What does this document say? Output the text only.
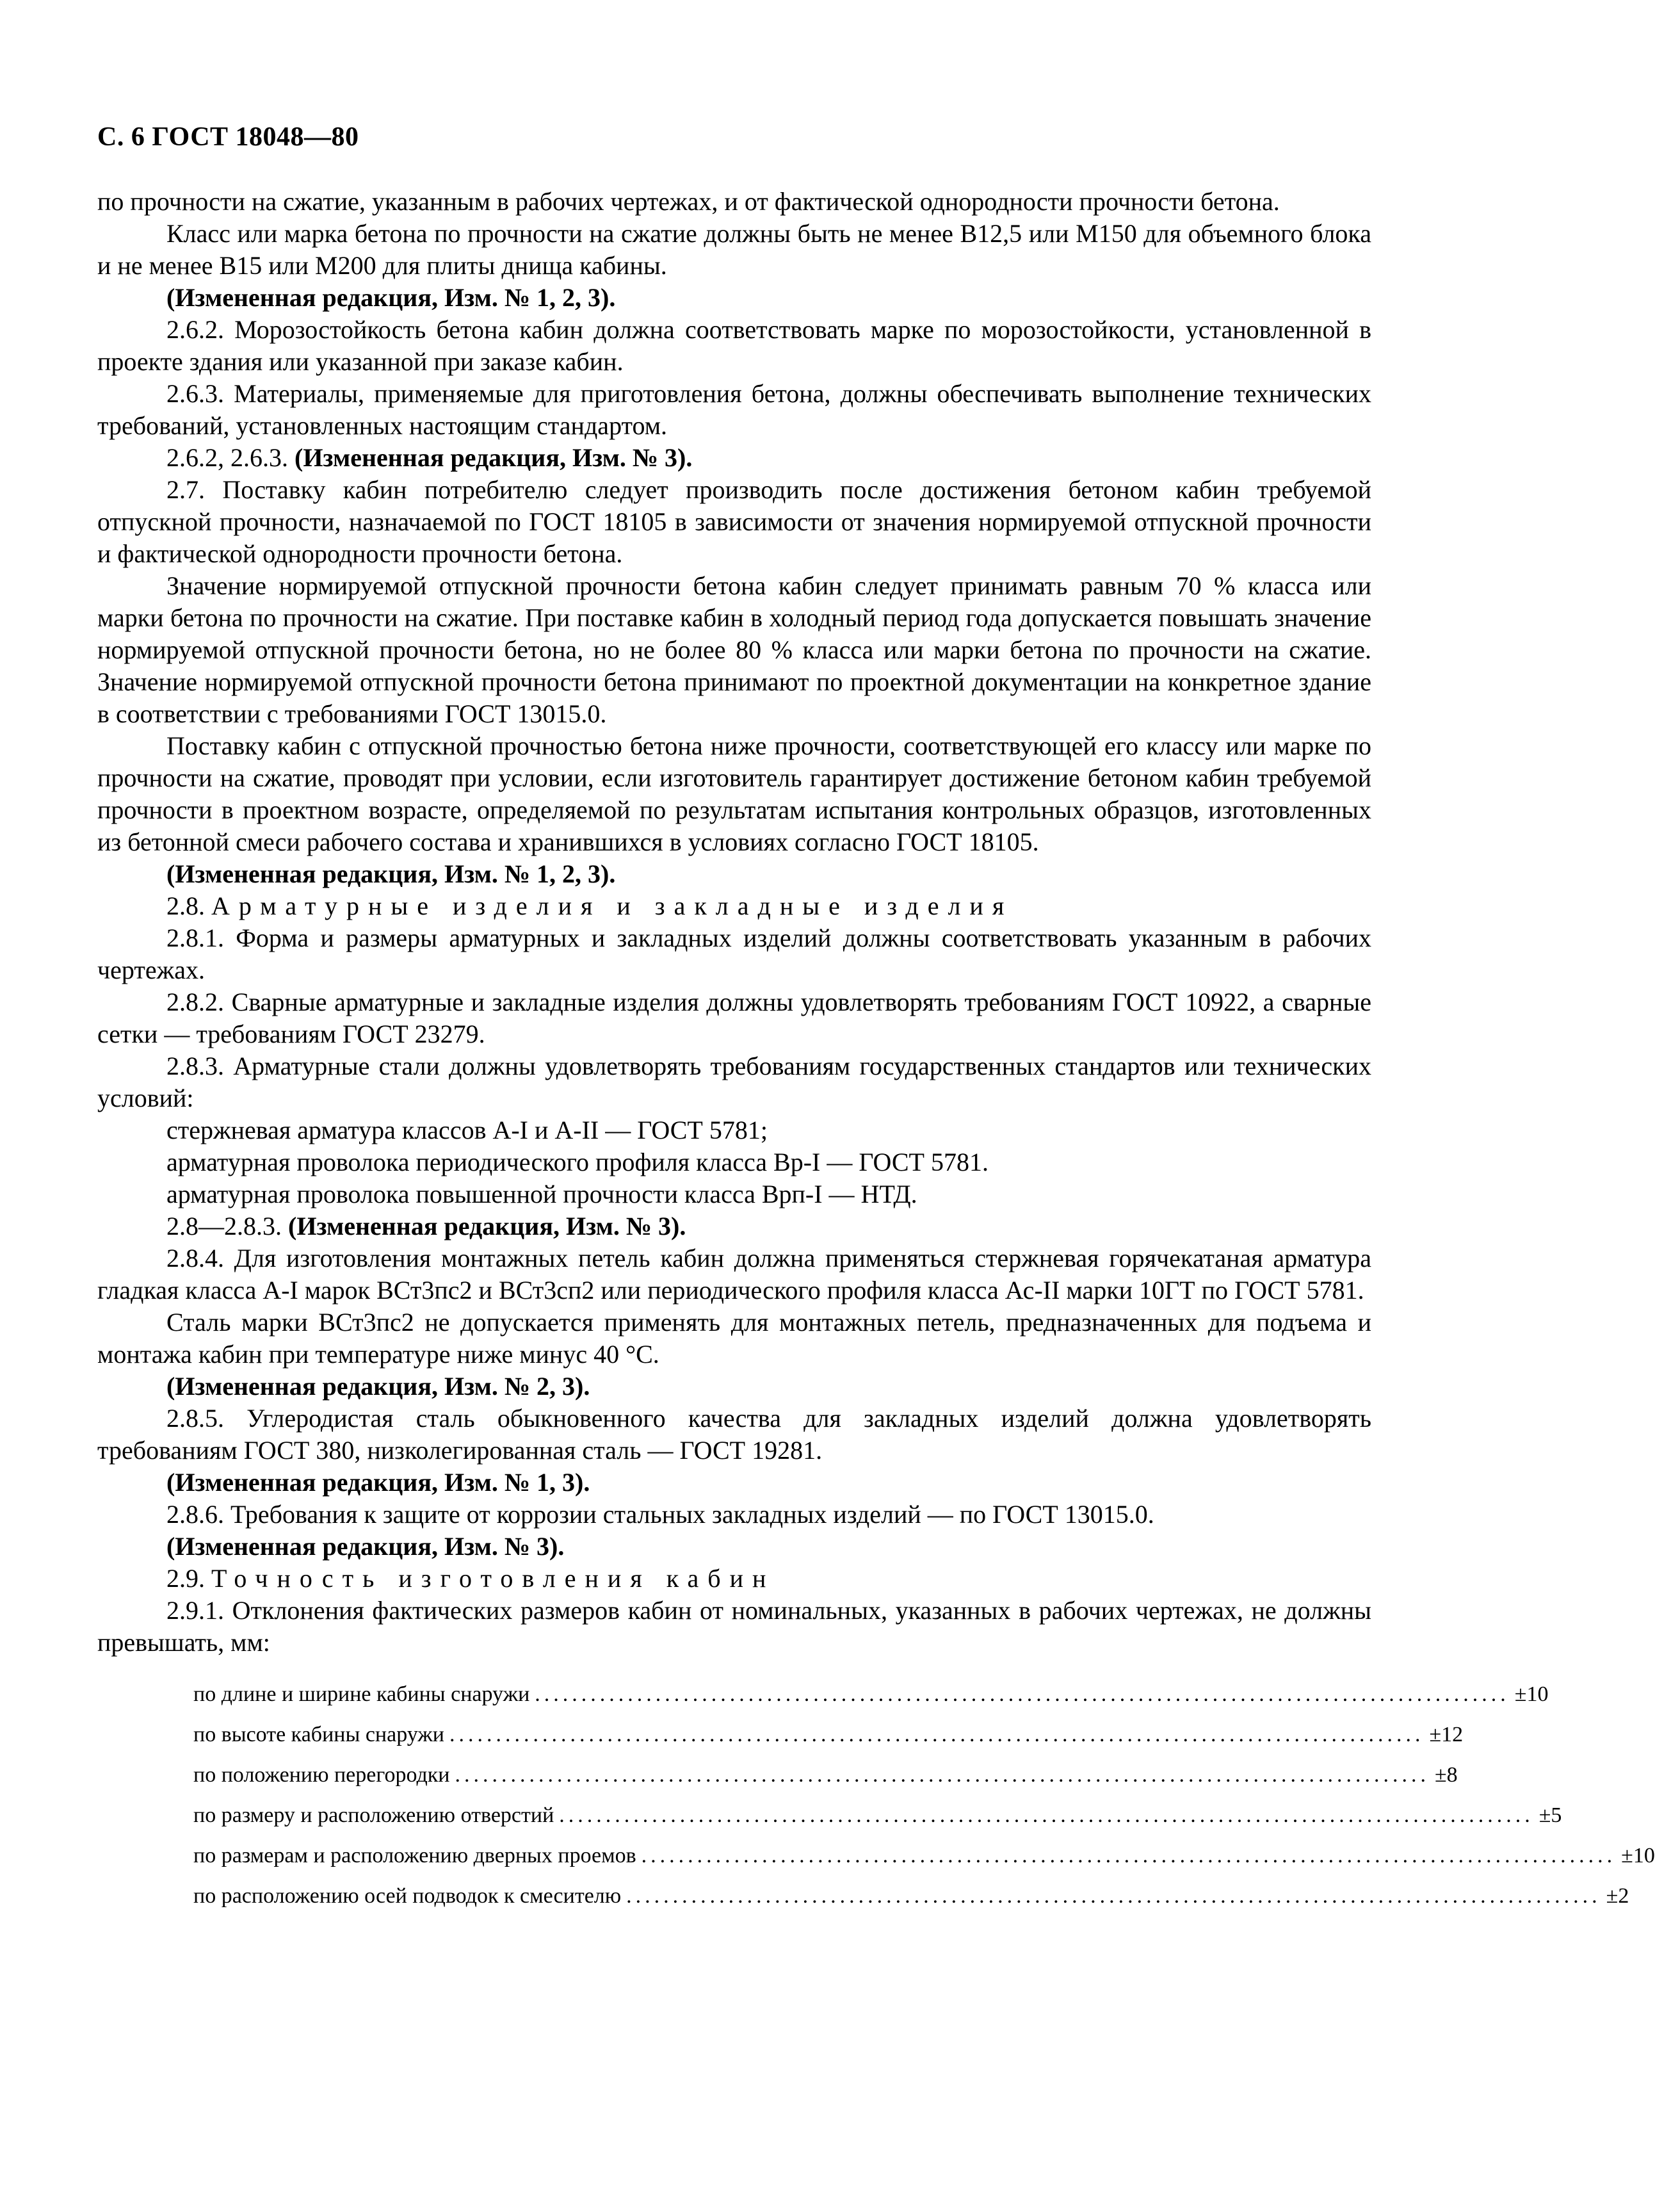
С. 6 ГОСТ 18048—80

по прочности на сжатие, указанным в рабочих чертежах, и от фактической однородности прочности бетона.

Класс или марка бетона по прочности на сжатие должны быть не менее В12,5 или М150 для объемного блока и не менее В15 или М200 для плиты днища кабины.

(Измененная редакция, Изм. № 1, 2, 3).

2.6.2. Морозостойкость бетона кабин должна соответствовать марке по морозостойкости, установленной в проекте здания или указанной при заказе кабин.

2.6.3. Материалы, применяемые для приготовления бетона, должны обеспечивать выполнение технических требований, установленных настоящим стандартом.

2.6.2, 2.6.3. (Измененная редакция, Изм. № 3).

2.7. Поставку кабин потребителю следует производить после достижения бетоном кабин требуемой отпускной прочности, назначаемой по ГОСТ 18105 в зависимости от значения нормируемой отпускной прочности и фактической однородности прочности бетона.

Значение нормируемой отпускной прочности бетона кабин следует принимать равным 70 % класса или марки бетона по прочности на сжатие. При поставке кабин в холодный период года допускается повышать значение нормируемой отпускной прочности бетона, но не более 80 % класса или марки бетона по прочности на сжатие. Значение нормируемой отпускной прочности бетона принимают по проектной документации на конкретное здание в соответствии с требованиями ГОСТ 13015.0.

Поставку кабин с отпускной прочностью бетона ниже прочности, соответствующей его классу или марке по прочности на сжатие, проводят при условии, если изготовитель гарантирует достижение бетоном кабин требуемой прочности в проектном возрасте, определяемой по результатам испытания контрольных образцов, изготовленных из бетонной смеси рабочего состава и хранившихся в условиях согласно ГОСТ 18105.

(Измененная редакция, Изм. № 1, 2, 3).

2.8. Арматурные изделия и закладные изделия

2.8.1. Форма и размеры арматурных и закладных изделий должны соответствовать указанным в рабочих чертежах.

2.8.2. Сварные арматурные и закладные изделия должны удовлетворять требованиям ГОСТ 10922, а сварные сетки — требованиям ГОСТ 23279.

2.8.3. Арматурные стали должны удовлетворять требованиям государственных стандартов или технических условий:

стержневая арматура классов А-I и А-II — ГОСТ 5781;

арматурная проволока периодического профиля класса Вр-I — ГОСТ 5781.

арматурная проволока повышенной прочности класса Врп-I — НТД.

2.8—2.8.3. (Измененная редакция, Изм. № 3).

2.8.4. Для изготовления монтажных петель кабин должна применяться стержневая горячекатаная арматура гладкая класса А-I марок ВСт3пс2 и ВСт3сп2 или периодического профиля класса Ас-II марки 10ГТ по ГОСТ 5781.

Сталь марки ВСт3пс2 не допускается применять для монтажных петель, предназначенных для подъема и монтажа кабин при температуре ниже минус 40 °С.

(Измененная редакция, Изм. № 2, 3).

2.8.5. Углеродистая сталь обыкновенного качества для закладных изделий должна удовлетворять требованиям ГОСТ 380, низколегированная сталь — ГОСТ 19281.

(Измененная редакция, Изм. № 1, 3).

2.8.6. Требования к защите от коррозии стальных закладных изделий — по ГОСТ 13015.0.

(Измененная редакция, Изм. № 3).

2.9. Точность изготовления кабин

2.9.1. Отклонения фактических размеров кабин от номинальных, указанных в рабочих чертежах, не должны превышать, мм:

по длине и ширине кабины снаружи ......................................................................................................... ±10
по высоте кабины снаружи ......................................................................................................... ±12
по положению перегородки ......................................................................................................... ±8
по размеру и расположению отверстий ......................................................................................................... ±5
по размерам и расположению дверных проемов ......................................................................................................... ±10
по расположению осей подводок к смесителю ......................................................................................................... ±2
